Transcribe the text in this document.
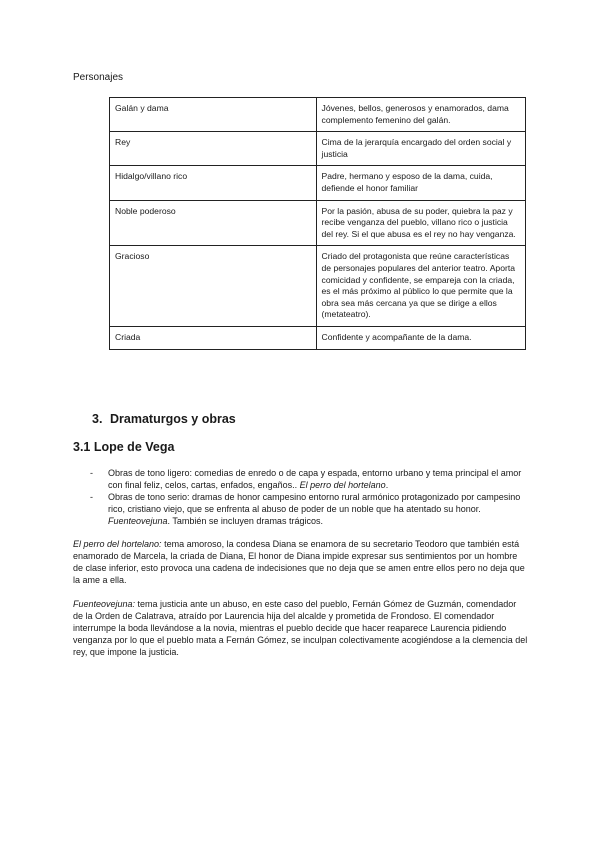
Personajes
Galán y dama	Jóvenes, bellos, generosos y enamorados, dama complemento femenino del galán.
Rey	Cima de la jerarquía encargado del orden social y justicia
Hidalgo/villano rico	Padre, hermano y esposo de la dama, cuida, defiende el honor familiar
Noble poderoso	Por la pasión, abusa de su poder, quiebra la paz y recibe venganza del pueblo, villano rico o justicia del rey. Si el que abusa es el rey no hay venganza.
Gracioso	Criado del protagonista que reúne características de personajes populares del anterior teatro. Aporta comicidad y confidente, se empareja con la criada, es el más próximo al público lo que permite que la obra sea más cercana ya que se dirige a ellos (metateatro).
Criada	Confidente y acompañante de la dama.
3. Dramaturgos y obras
3.1 Lope de Vega
- Obras de tono ligero: comedias de enredo o de capa y espada, entorno urbano y tema principal el amor con final feliz, celos, cartas, enfados, engaños.. El perro del hortelano.
- Obras de tono serio: dramas de honor campesino entorno rural armónico protagonizado por campesino rico, cristiano viejo, que se enfrenta al abuso de poder de un noble que ha atentado su honor. Fuenteovejuna. También se incluyen dramas trágicos.
El perro del hortelano: tema amoroso, la condesa Diana se enamora de su secretario Teodoro que también está enamorado de Marcela, la criada de Diana, El honor de Diana impide expresar sus sentimientos por un hombre de clase inferior, esto provoca una cadena de indecisiones que no deja que se amen entre ellos pero no deja que la ame a ella.
Fuenteovejuna: tema justicia ante un abuso, en este caso del pueblo, Fernán Gómez de Guzmán, comendador de la Orden de Calatrava, atraído por Laurencia hija del alcalde y prometida de Frondoso. El comendador interrumpe la boda llevándose a la novia, mientras el pueblo decide que hacer reaparece Laurencia pidiendo venganza por lo que el pueblo mata a Fernán Gómez, se inculpan colectivamente acogiéndose a la clemencia del rey, que impone la justicia.
